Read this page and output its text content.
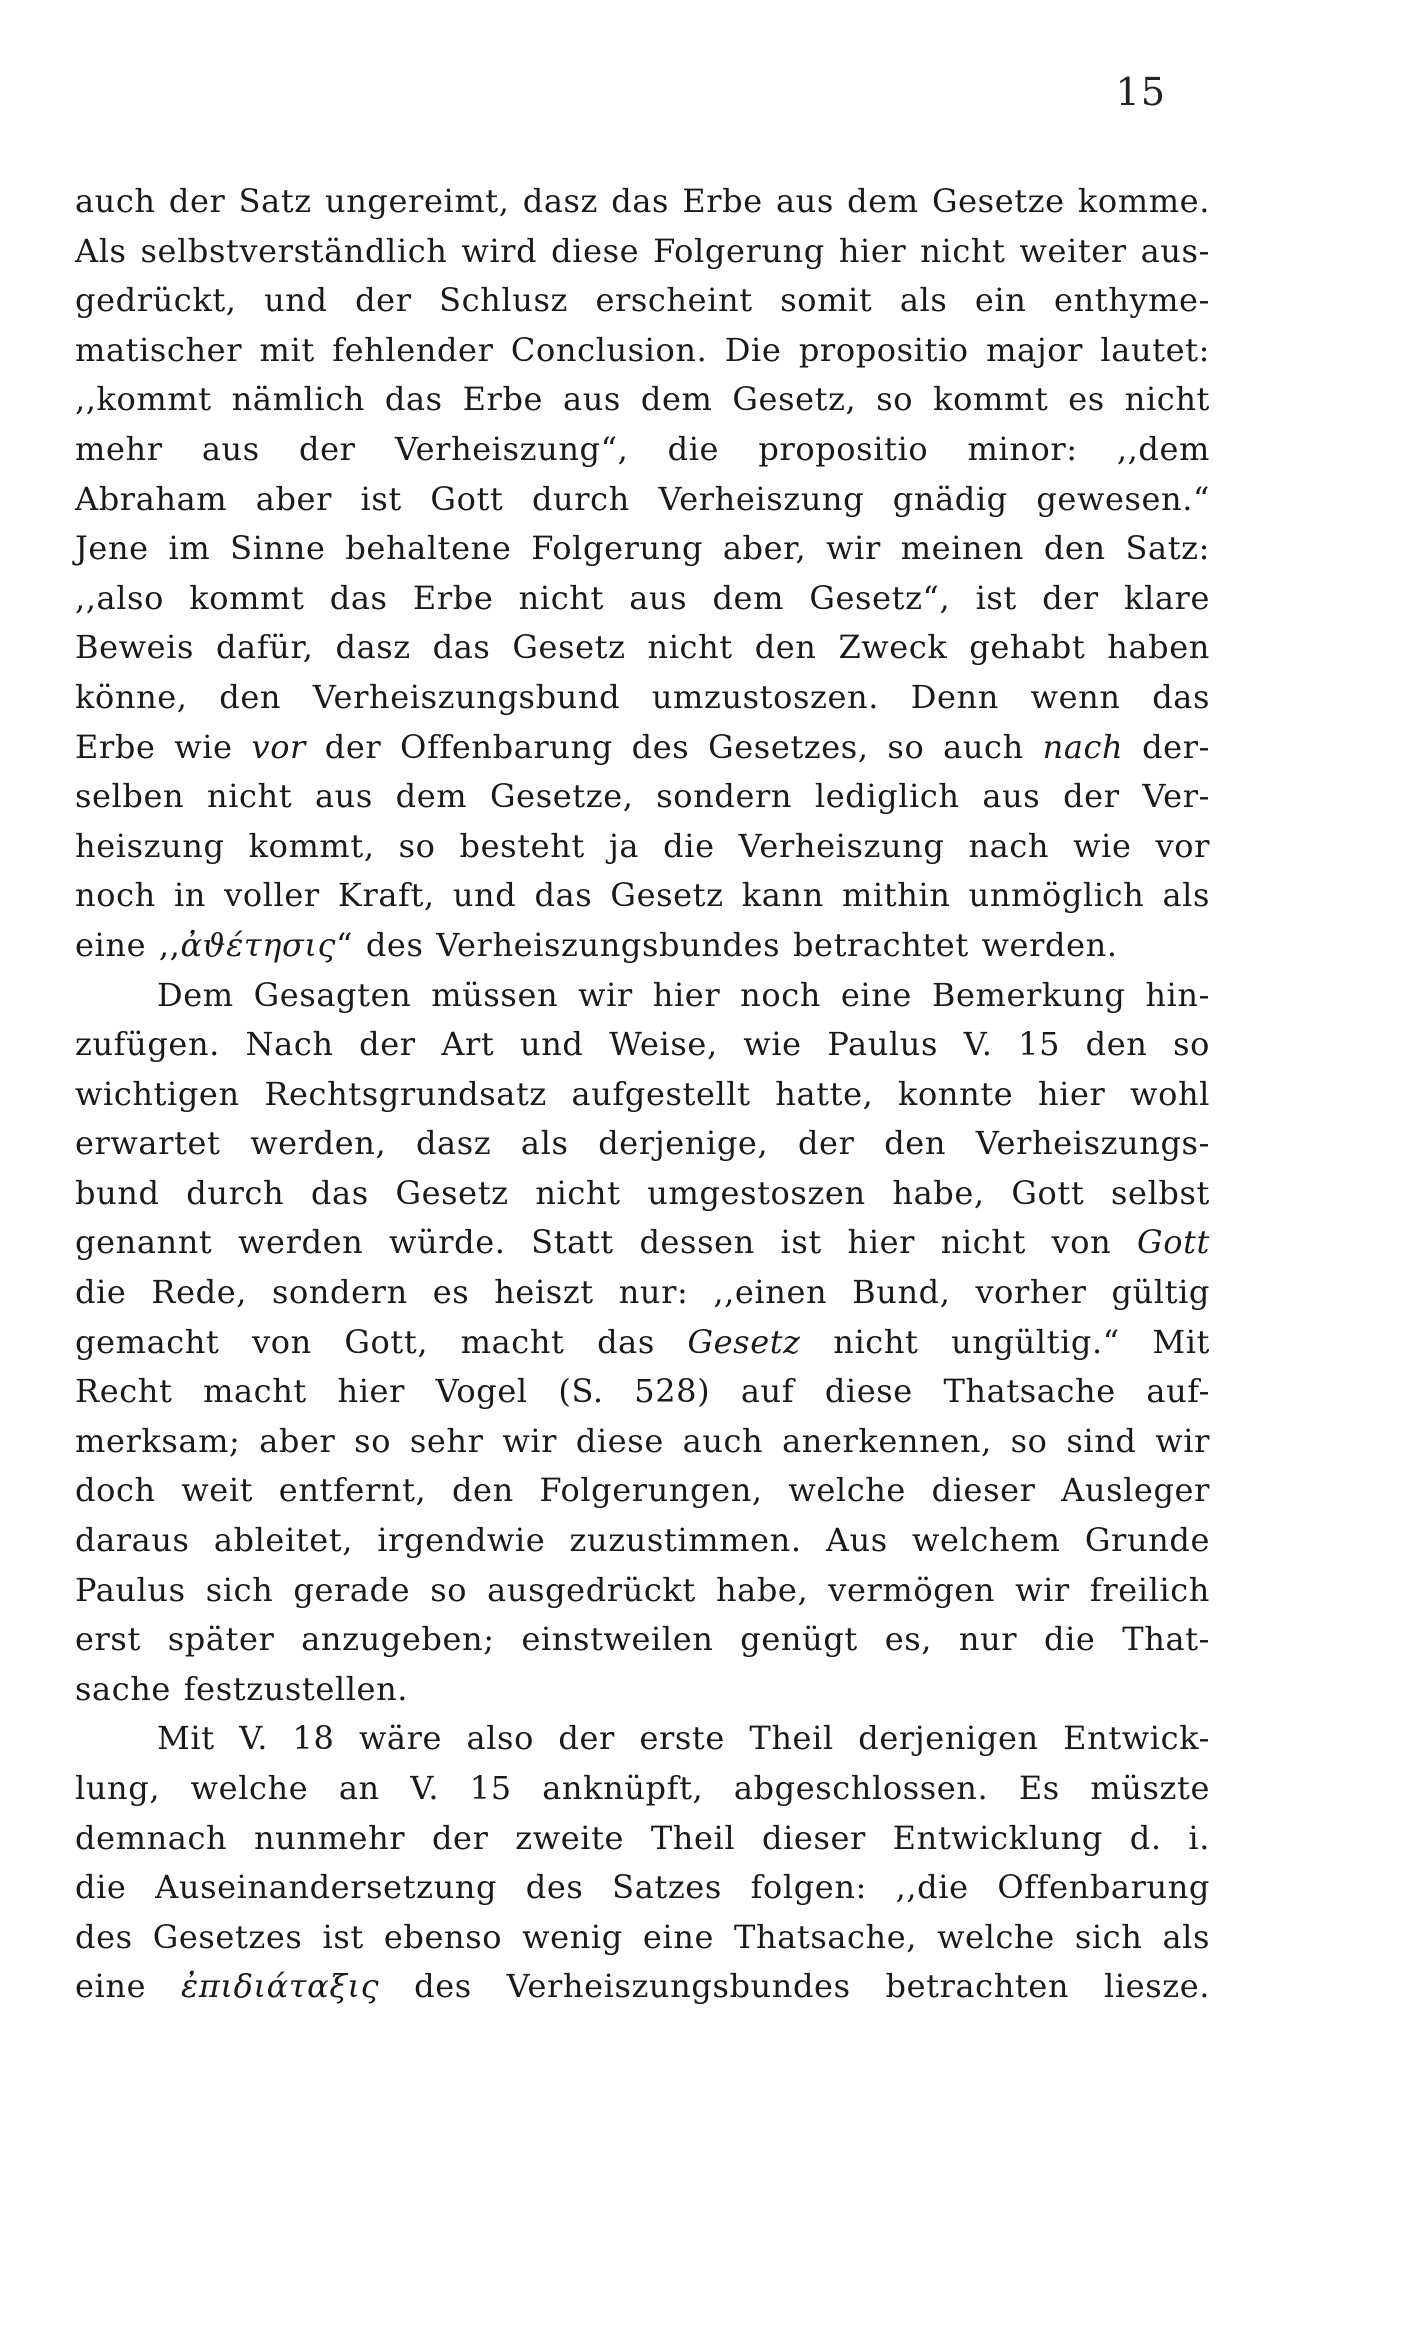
15
auch der Satz ungereimt, dasz das Erbe aus dem Gesetze komme.
Als selbstverständlich wird diese Folgerung hier nicht weiter aus-
gedrückt, und der Schlusz erscheint somit als ein enthyme-
matischer mit fehlender Conclusion. Die propositio major lautet:
,,kommt nämlich das Erbe aus dem Gesetz, so kommt es nicht
mehr aus der Verheiszung“, die propositio minor: ,,dem
Abraham aber ist Gott durch Verheiszung gnädig gewesen.“
Jene im Sinne behaltene Folgerung aber, wir meinen den Satz:
,,also kommt das Erbe nicht aus dem Gesetz“, ist der klare
Beweis dafür, dasz das Gesetz nicht den Zweck gehabt haben
könne, den Verheiszungsbund umzustoszen. Denn wenn das
Erbe wie vor der Offenbarung des Gesetzes, so auch nach der-
selben nicht aus dem Gesetze, sondern lediglich aus der Ver-
heiszung kommt, so besteht ja die Verheiszung nach wie vor
noch in voller Kraft, und das Gesetz kann mithin unmöglich als
eine ,,ἀϑέτησις“ des Verheiszungsbundes betrachtet werden.
Dem Gesagten müssen wir hier noch eine Bemerkung hin-
zufügen. Nach der Art und Weise, wie Paulus V. 15 den so
wichtigen Rechtsgrundsatz aufgestellt hatte, konnte hier wohl
erwartet werden, dasz als derjenige, der den Verheiszungs-
bund durch das Gesetz nicht umgestoszen habe, Gott selbst
genannt werden würde. Statt dessen ist hier nicht von Gott
die Rede, sondern es heiszt nur: ,,einen Bund, vorher gültig
gemacht von Gott, macht das Gesetz nicht ungültig.“ Mit
Recht macht hier Vogel (S. 528) auf diese Thatsache auf-
merksam; aber so sehr wir diese auch anerkennen, so sind wir
doch weit entfernt, den Folgerungen, welche dieser Ausleger
daraus ableitet, irgendwie zuzustimmen. Aus welchem Grunde
Paulus sich gerade so ausgedrückt habe, vermögen wir freilich
erst später anzugeben; einstweilen genügt es, nur die That-
sache festzustellen.
Mit V. 18 wäre also der erste Theil derjenigen Entwick-
lung, welche an V. 15 anknüpft, abgeschlossen. Es müszte
demnach nunmehr der zweite Theil dieser Entwicklung d. i.
die Auseinandersetzung des Satzes folgen: ,,die Offenbarung
des Gesetzes ist ebenso wenig eine Thatsache, welche sich als
eine ἐπιδιάταξις des Verheiszungsbundes betrachten liesze.
